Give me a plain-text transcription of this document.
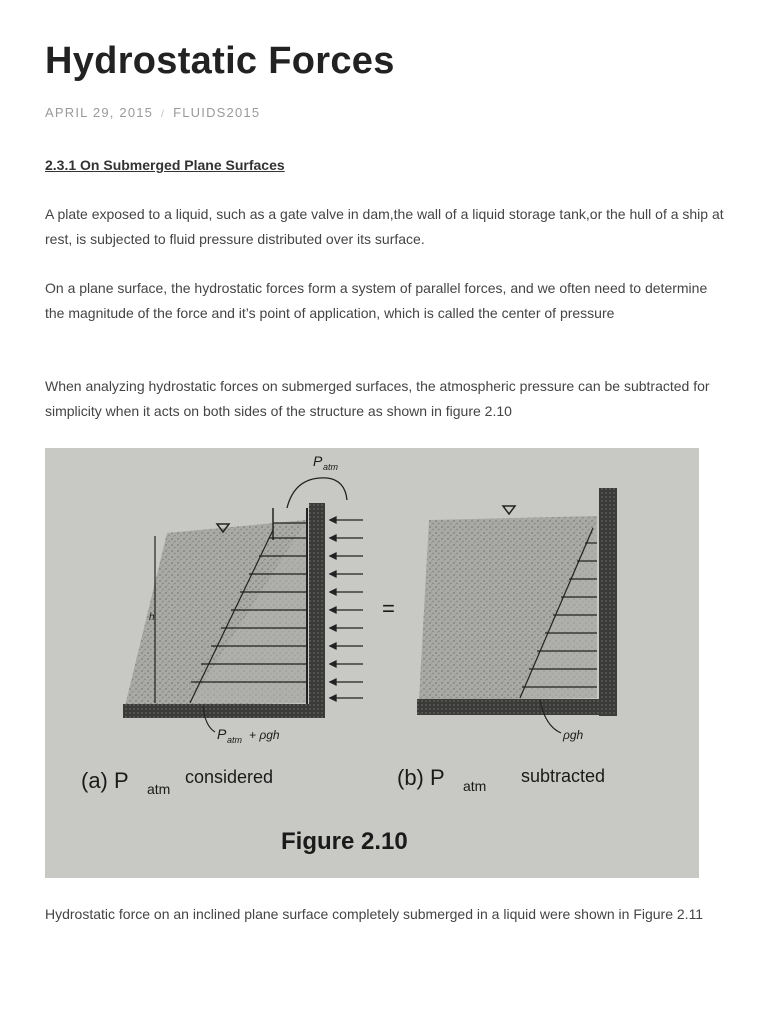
Hydrostatic Forces
APRIL 29, 2015 / FLUIDS2015
2.3.1 On Submerged Plane Surfaces

A plate exposed to a liquid, such as a gate valve in dam,the wall of a liquid storage tank,or the hull of a ship at rest, is subjected to fluid pressure distributed over its surface.

On a plane surface, the hydrostatic forces form a system of parallel forces, and we often need to determine the magnitude of the force and it’s point of application, which is called the center of pressure

When analyzing hydrostatic forces on submerged surfaces, the atmospheric pressure can be subtracted for simplicity when it acts on both sides of the structure as shown in figure 2.10

P atm
h
P atm + ρgh
=
ρgh
(a) P atm
considered	(b) P atm subtracted
Figure 2.10

Hydrostatic force on an inclined plane surface completely submerged in a liquid were shown in Figure 2.11
